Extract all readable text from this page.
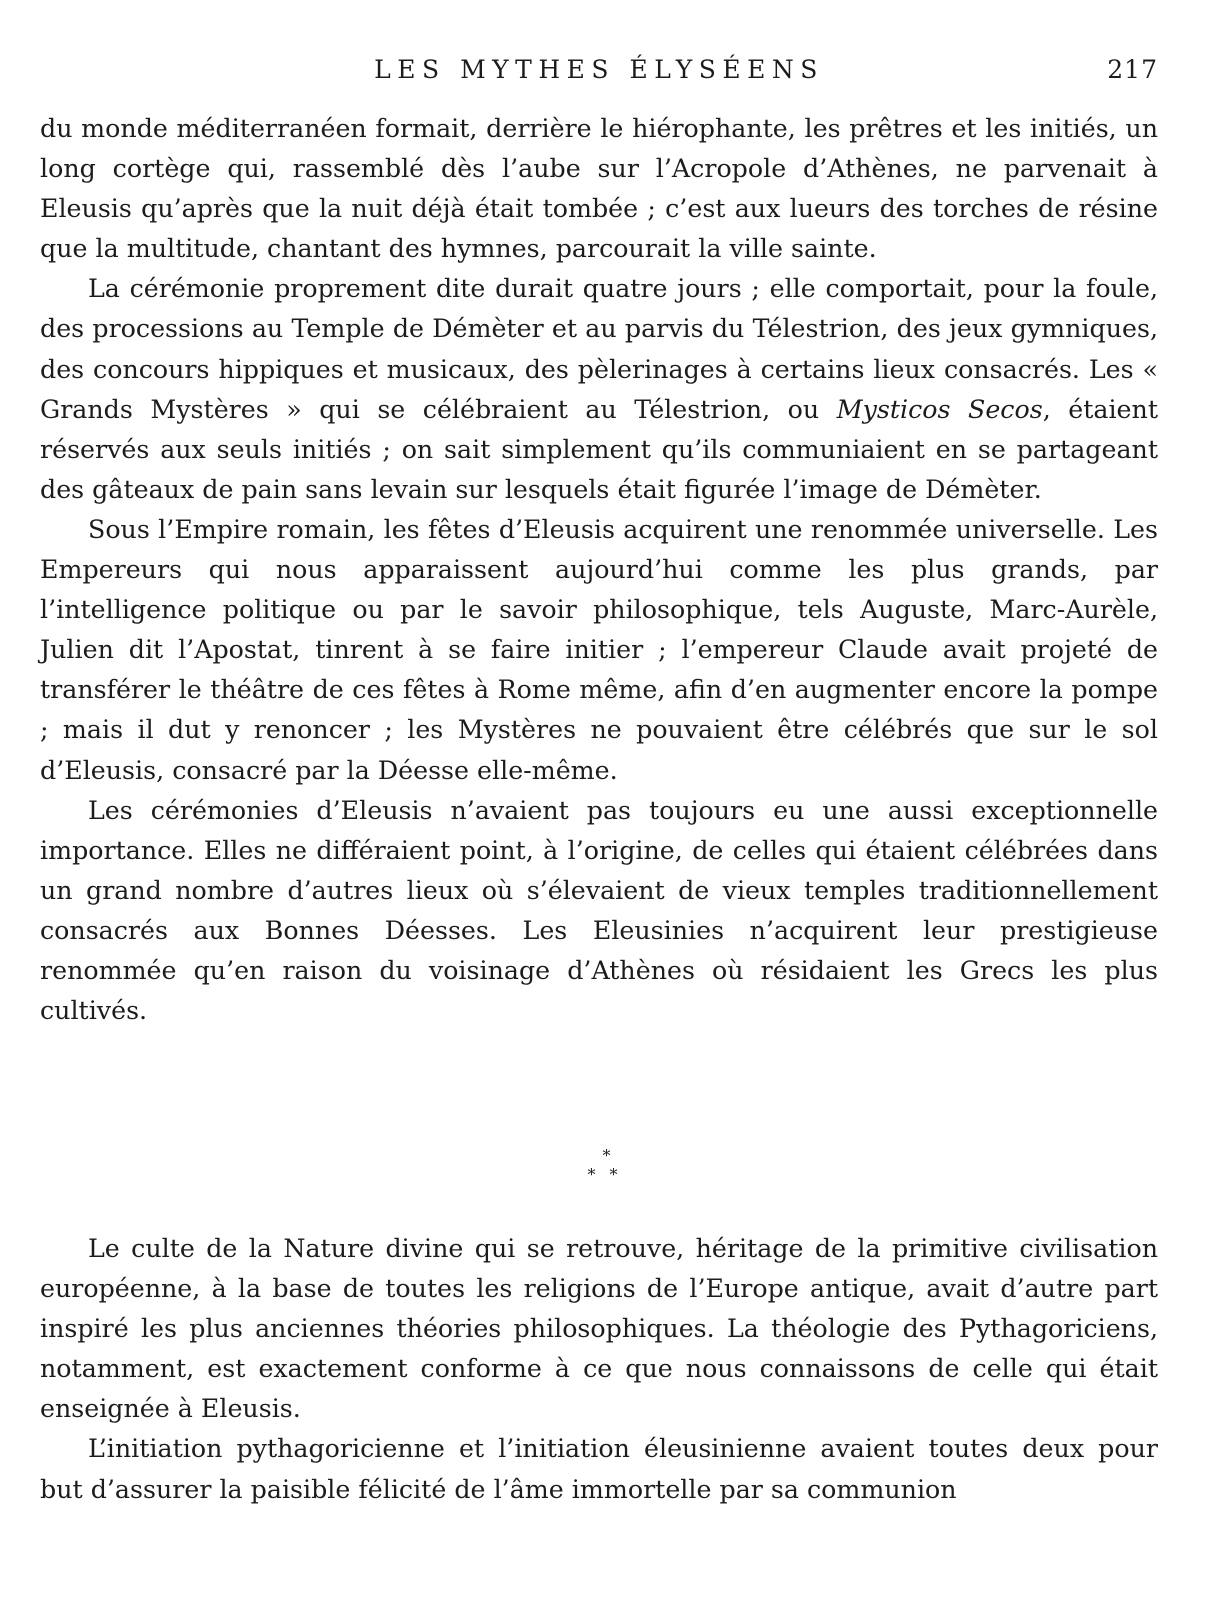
LES MYTHES ÉLYSÉENS	217

du monde méditerranéen formait, derrière le hiérophante, les prêtres et les initiés, un long cortège qui, rassemblé dès l’aube sur l’Acropole d’Athènes, ne parvenait à Eleusis qu’après que la nuit déjà était tombée ; c’est aux lueurs des torches de résine que la multitude, chantant des hymnes, parcourait la ville sainte.

La cérémonie proprement dite durait quatre jours ; elle comportait, pour la foule, des processions au Temple de Démèter et au parvis du Télestrion, des jeux gymniques, des concours hippiques et musicaux, des pèlerinages à certains lieux consacrés. Les « Grands Mystères » qui se célébraient au Télestrion, ou Mysticos Secos, étaient réservés aux seuls initiés ; on sait simplement qu’ils communiaient en se partageant des gâteaux de pain sans levain sur lesquels était figurée l’image de Démèter.

Sous l’Empire romain, les fêtes d’Eleusis acquirent une renommée universelle. Les Empereurs qui nous apparaissent aujourd’hui comme les plus grands, par l’intelligence politique ou par le savoir philosophique, tels Auguste, Marc-Aurèle, Julien dit l’Apostat, tinrent à se faire initier ; l’empereur Claude avait projeté de transférer le théâtre de ces fêtes à Rome même, afin d’en augmenter encore la pompe ; mais il dut y renoncer ; les Mystères ne pouvaient être célébrés que sur le sol d’Eleusis, consacré par la Déesse elle-même.

Les cérémonies d’Eleusis n’avaient pas toujours eu une aussi exceptionnelle importance. Elles ne différaient point, à l’origine, de celles qui étaient célébrées dans un grand nombre d’autres lieux où s’élevaient de vieux temples traditionnellement consacrés aux Bonnes Déesses. Les Eleusinies n’acquirent leur prestigieuse renommée qu’en raison du voisinage d’Athènes où résidaient les Grecs les plus cultivés.

*
**

Le culte de la Nature divine qui se retrouve, héritage de la primitive civilisation européenne, à la base de toutes les religions de l’Europe antique, avait d’autre part inspiré les plus anciennes théories philosophiques. La théologie des Pythagoriciens, notamment, est exactement conforme à ce que nous connaissons de celle qui était enseignée à Eleusis.

L’initiation pythagoricienne et l’initiation éleusinienne avaient toutes deux pour but d’assurer la paisible félicité de l’âme immortelle par sa communion
